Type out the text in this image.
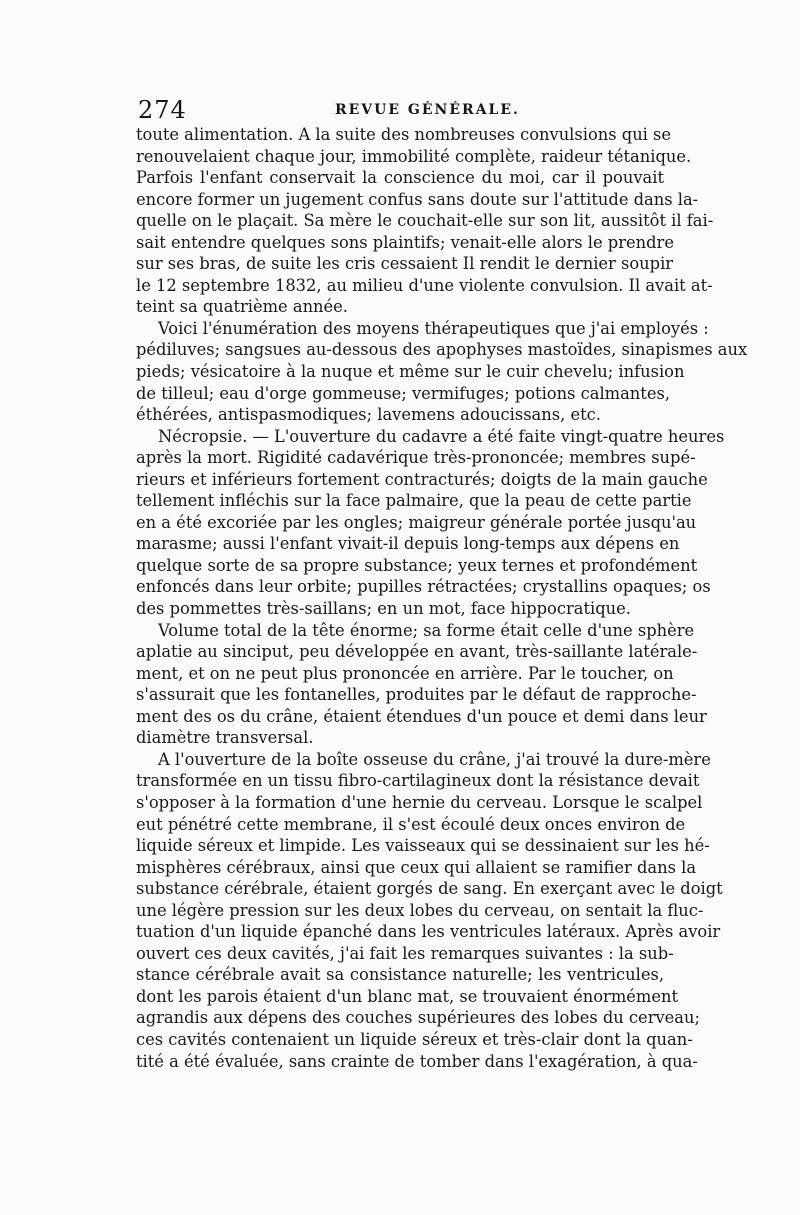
274	REVUE GÉNÉRALE.
toute alimentation. A la suite des nombreuses convulsions qui se
renouvelaient chaque jour, immobilité complète, raideur tétanique.
Parfois l'enfant conservait la conscience du moi, car il pouvait
encore former un jugement confus sans doute sur l'attitude dans la-
quelle on le plaçait. Sa mère le couchait-elle sur son lit, aussitôt il fai-
sait entendre quelques sons plaintifs; venait-elle alors le prendre
sur ses bras, de suite les cris cessaient Il rendit le dernier soupir
le 12 septembre 1832, au milieu d'une violente convulsion. Il avait at-
teint sa quatrième année.
Voici l'énumération des moyens thérapeutiques que j'ai employés :
pédiluves; sangsues au-dessous des apophyses mastoïdes, sinapismes aux
pieds; vésicatoire à la nuque et même sur le cuir chevelu; infusion
de tilleul; eau d'orge gommeuse; vermifuges; potions calmantes,
éthérées, antispasmodiques; lavemens adoucissans, etc.
Nécropsie. — L'ouverture du cadavre a été faite vingt-quatre heures
après la mort. Rigidité cadavérique très-prononcée; membres supé-
rieurs et inférieurs fortement contracturés; doigts de la main gauche
tellement infléchis sur la face palmaire, que la peau de cette partie
en a été excoriée par les ongles; maigreur générale portée jusqu'au
marasme; aussi l'enfant vivait-il depuis long-temps aux dépens en
quelque sorte de sa propre substance; yeux ternes et profondément
enfoncés dans leur orbite; pupilles rétractées; crystallins opaques; os
des pommettes très-saillans; en un mot, face hippocratique.
Volume total de la tête énorme; sa forme était celle d'une sphère
aplatie au sinciput, peu développée en avant, très-saillante latérale-
ment, et on ne peut plus prononcée en arrière. Par le toucher, on
s'assurait que les fontanelles, produites par le défaut de rapproche-
ment des os du crâne, étaient étendues d'un pouce et demi dans leur
diamètre transversal.
A l'ouverture de la boîte osseuse du crâne, j'ai trouvé la dure-mère
transformée en un tissu fibro-cartilagineux dont la résistance devait
s'opposer à la formation d'une hernie du cerveau. Lorsque le scalpel
eut pénétré cette membrane, il s'est écoulé deux onces environ de
liquide séreux et limpide. Les vaisseaux qui se dessinaient sur les hé-
misphères cérébraux, ainsi que ceux qui allaient se ramifier dans la
substance cérébrale, étaient gorgés de sang. En exerçant avec le doigt
une légère pression sur les deux lobes du cerveau, on sentait la fluc-
tuation d'un liquide épanché dans les ventricules latéraux. Après avoir
ouvert ces deux cavités, j'ai fait les remarques suivantes : la sub-
stance cérébrale avait sa consistance naturelle; les ventricules,
dont les parois étaient d'un blanc mat, se trouvaient énormément
agrandis aux dépens des couches supérieures des lobes du cerveau;
ces cavités contenaient un liquide séreux et très-clair dont la quan-
tité a été évaluée, sans crainte de tomber dans l'exagération, à qua-
